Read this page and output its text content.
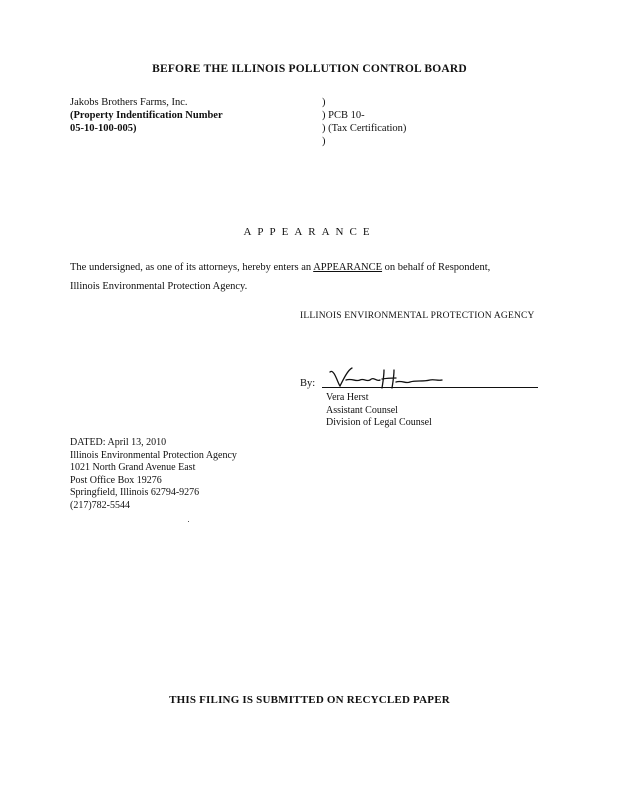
BEFORE THE ILLINOIS POLLUTION CONTROL BOARD
Jakobs Brothers Farms, Inc.
(Property Indentification Number
05-10-100-005)
)
) PCB 10-
) (Tax Certification)
)
APPEARANCE
The undersigned, as one of its attorneys, hereby enters an APPEARANCE on behalf of Respondent,
Illinois Environmental Protection Agency.
ILLINOIS ENVIRONMENTAL PROTECTION AGENCY
By:
Vera Herst
Assistant Counsel
Division of Legal Counsel
DATED: April 13, 2010
Illinois Environmental Protection Agency
1021 North Grand Avenue East
Post Office Box 19276
Springfield, Illinois 62794-9276
(217)782-5544
THIS FILING IS SUBMITTED ON RECYCLED PAPER
